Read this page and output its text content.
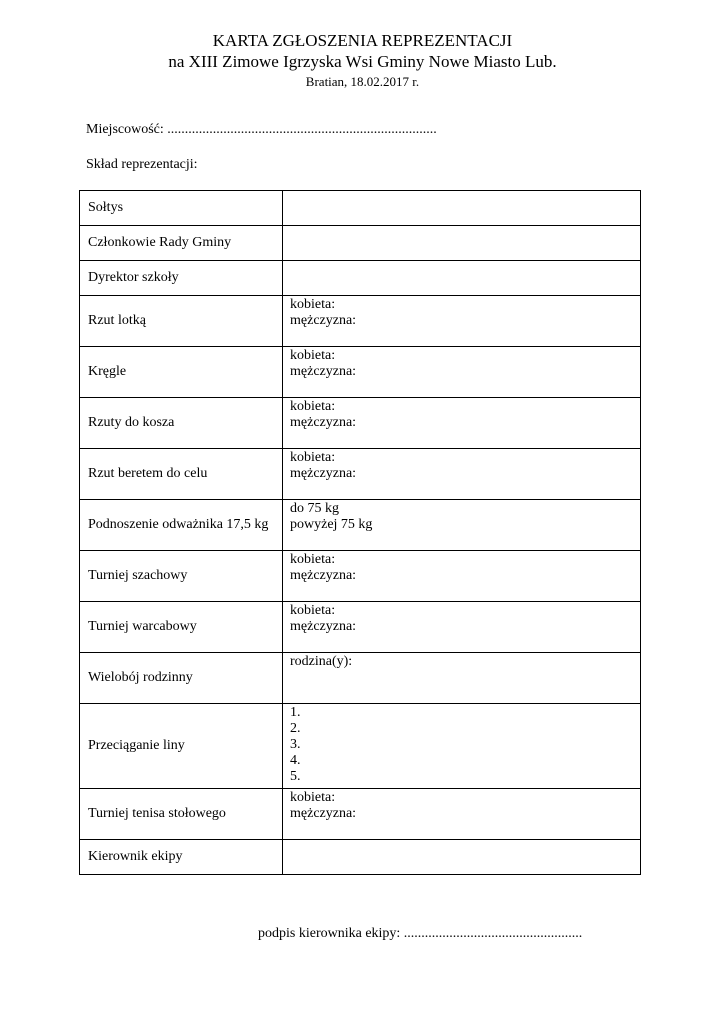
KARTA ZGŁOSZENIA REPREZENTACJI
na XIII Zimowe Igrzyska Wsi Gminy Nowe Miasto Lub.
Bratian, 18.02.2017 r.
Miejscowość: .............................................................................
Skład reprezentacji:
Sołtys	
Członkowie Rady Gminy	
Dyrektor szkoły	
Rzut lotką	kobieta:
mężczyzna:

Kręgle	kobieta:
mężczyzna:

Rzuty do kosza	kobieta:
mężczyzna:

Rzut beretem do celu	kobieta:
mężczyzna:

Podnoszenie odważnika 17,5 kg	do 75 kg
powyżej 75 kg

Turniej szachowy	kobieta:
mężczyzna:

Turniej warcabowy	kobieta:
mężczyzna:

Wielobój rodzinny	rodzina(y):

Przeciąganie liny	1.
2.
3.
4.
5.

Turniej tenisa stołowego	kobieta:
mężczyzna:

Kierownik ekipy	
podpis kierownika ekipy: ...................................................
